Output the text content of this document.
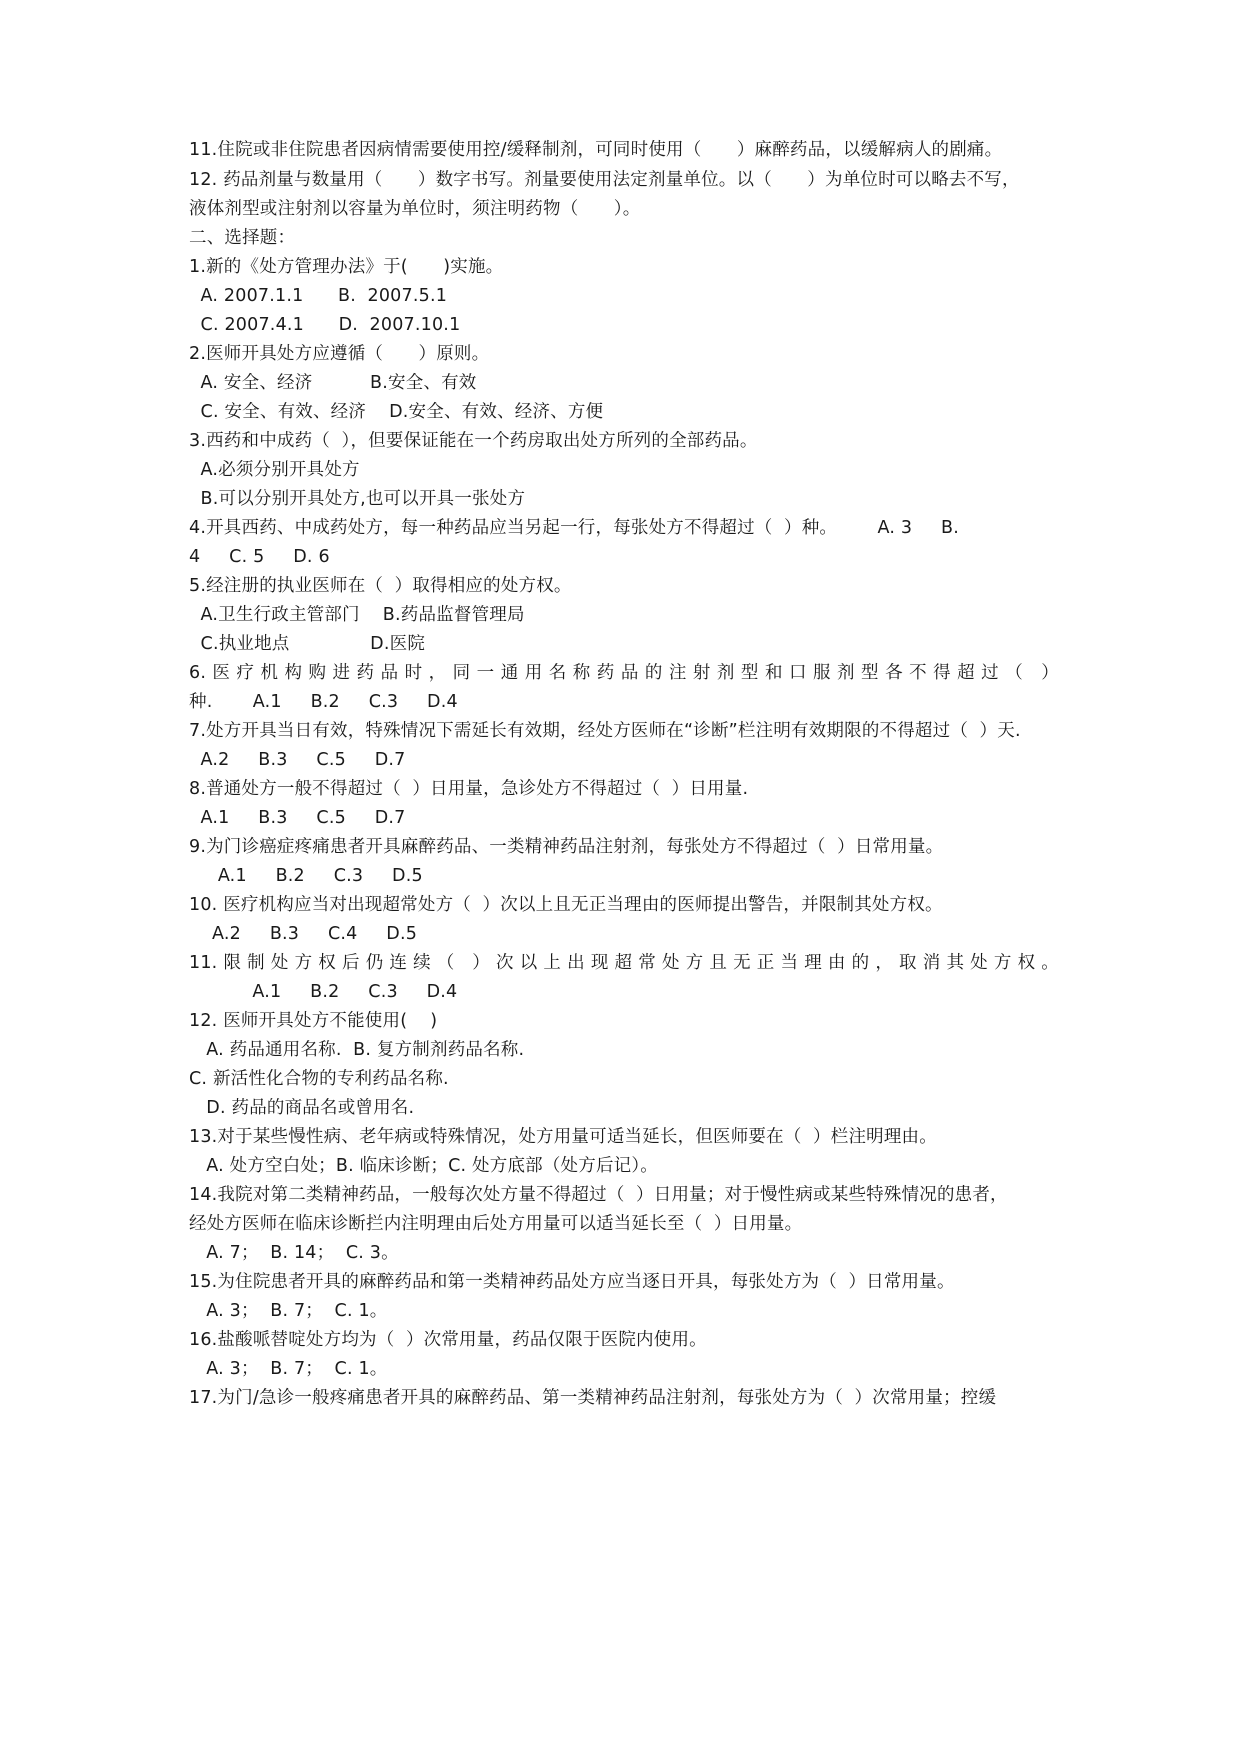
11.住院或非住院患者因病情需要使用控/缓释制剂，可同时使用（　　）麻醉药品，以缓解病人的剧痛。
12. 药品剂量与数量用（　　）数字书写。剂量要使用法定剂量单位。以（　　）为单位时可以略去不写，
液体剂型或注射剂以容量为单位时，须注明药物（　　）。
二、选择题：
1.新的《处方管理办法》于(　　)实施。
A. 2007.1.1      B.  2007.5.1
C. 2007.4.1      D.  2007.10.1
2.医师开具处方应遵循（　　）原则。
A. 安全、经济          B.安全、有效
C. 安全、有效、经济    D.安全、有效、经济、方便
3.西药和中成药（  ），但要保证能在一个药房取出处方所列的全部药品。
A.必须分别开具处方
B.可以分别开具处方,也可以开具一张处方
4.开具西药、中成药处方，每一种药品应当另起一行，每张处方不得超过（  ）种。       A. 3     B.
4     C. 5     D. 6
5.经注册的执业医师在（  ）取得相应的处方权。
A.卫生行政主管部门    B.药品监督管理局
C.执业地点              D.医院
6.医疗机构购进药品时，同一通用名称药品的注射剂型和口服剂型各不得超过（ ）
种.       A.1     B.2     C.3     D.4
7.处方开具当日有效，特殊情况下需延长有效期，经处方医师在“诊断”栏注明有效期限的不得超过（  ）天.
A.2     B.3     C.5     D.7
8.普通处方一般不得超过（  ）日用量，急诊处方不得超过（  ）日用量.
A.1     B.3     C.5     D.7
9.为门诊癌症疼痛患者开具麻醉药品、一类精神药品注射剂，每张处方不得超过（  ）日常用量。
A.1     B.2     C.3     D.5
10. 医疗机构应当对出现超常处方（  ）次以上且无正当理由的医师提出警告，并限制其处方权。
A.2     B.3     C.4     D.5
11.限制处方权后仍连续（ ）次以上出现超常处方且无正当理由的，取消其处方权。
A.1     B.2     C.3     D.4
12. 医师开具处方不能使用(    )
A. 药品通用名称.  B. 复方制剂药品名称.
C. 新活性化合物的专利药品名称.
D. 药品的商品名或曾用名.
13.对于某些慢性病、老年病或特殊情况，处方用量可适当延长，但医师要在（  ）栏注明理由。
A. 处方空白处；B. 临床诊断；C. 处方底部（处方后记）。
14.我院对第二类精神药品，一般每次处方量不得超过（  ）日用量；对于慢性病或某些特殊情况的患者，
经处方医师在临床诊断拦内注明理由后处方用量可以适当延长至（  ）日用量。
A. 7；  B. 14；  C. 3。
15.为住院患者开具的麻醉药品和第一类精神药品处方应当逐日开具，每张处方为（  ）日常用量。
A. 3；  B. 7；  C. 1。
16.盐酸哌替啶处方均为（  ）次常用量，药品仅限于医院内使用。
A. 3；  B. 7；  C. 1。
17.为门/急诊一般疼痛患者开具的麻醉药品、第一类精神药品注射剂，每张处方为（  ）次常用量；控缓
